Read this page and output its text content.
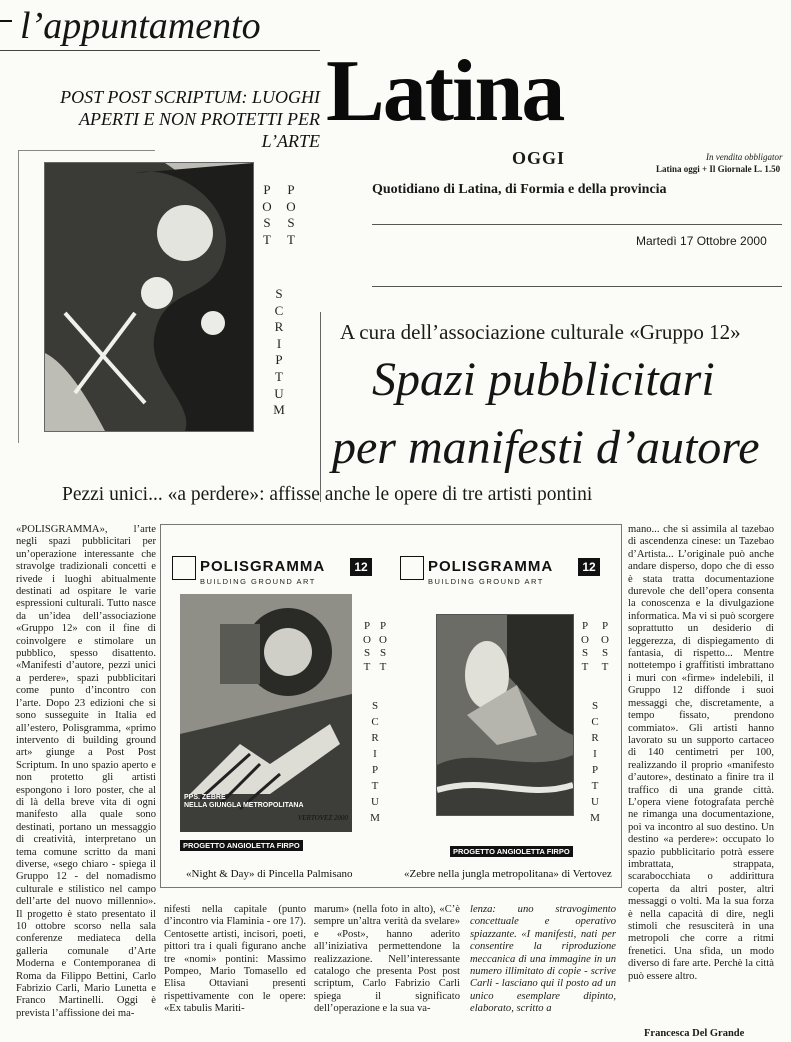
l’appuntamento
POST POST SCRIPTUM: LUOGHI
APERTI E NON PROTETTI PER L’ARTE
Latina
OGGI	In vendita obbligator
Latina oggi + Il Giornale L. 1.50
Quotidiano di Latina, di Formia e della provincia
Martedì 17 Ottobre 2000
P
O
S
T
P
O
S
T
S
C
R
I
P
T
U
M
A cura dell’associazione culturale «Gruppo 12»
Spazi pubblicitari
per manifesti d’autore
Pezzi unici... «a perdere»: affisse anche le opere di tre artisti pontini
POLISGRAMMA
BUILDING GROUND ART
12
PPS. ZEBRE
NELLA GIUNGLA METROPOLITANA
VERTOVEZ 2000
P
O
S
T
P
O
S
T
S
C
R
I
P
T
U
M
PROGETTO ANGIOLETTA FIRPO
«Night & Day» di Pincella Palmisano
POLISGRAMMA
BUILDING GROUND ART
12
P
O
S
T
P
O
S
T
S
C
R
I
P
T
U
M
PROGETTO ANGIOLETTA FIRPO
«Zebre nella jungla metropolitana» di Vertovez
«POLISGRAMMA», l’arte negli spazi pubblicitari per un’operazione interessante che stravolge tradizionali concetti e rivede i luoghi abitualmente destinati ad ospitare le varie espressioni culturali. Tutto nasce da un’idea dell’associazione «Gruppo 12» con il fine di coinvolgere e stimolare un pubblico, spesso disattento. «Manifesti d’autore, pezzi unici a perdere», spazi pubblicitari come punto d’incontro con l’arte. Dopo 23 edizioni che si sono susseguite in Italia ed all’estero, Polisgramma, «primo intervento di building ground art» giunge a Post Post Scriptum. In uno spazio aperto e non protetto gli artisti espongono i loro poster, che al di là della breve vita di ogni manifesto alla quale sono destinati, portano un messaggio di creatività, interpretano un tema comune scritto da mani diverse, «sego chiaro - spiega il Gruppo 12 - del nomadismo culturale e stilistico nel campo dell’arte del nuovo millennio». Il progetto è stato presentato il 10 ottobre scorso nella sala conferenze mediateca della galleria comunale d’Arte Moderna e Contemporanea di Roma da Filippo Bettini, Carlo Fabrizio Carli, Mario Lunetta e Franco Martinelli. Oggi è prevista l’affissione dei ma-
nifesti nella capitale (punto d’incontro via Flaminia - ore 17). Centosette artisti, incisori, poeti, pittori tra i quali figurano anche tre «nomi» pontini: Massimo Pompeo, Mario Tomasello ed Elisa Ottaviani presenti rispettivamente con le opere: «Ex tabulis Mariti-
marum» (nella foto in alto), «C’è sempre un’altra verità da svelare» e «Post», hanno aderito all’iniziativa permettendone la realizzazione. Nell’interessante catalogo che presenta Post post scriptum, Carlo Fabrizio Carli spiega il significato dell’operazione e la sua va-
lenza: uno stravogimento concettuale e operativo spiazzante. «I manifesti, nati per consentire la riproduzione meccanica di una immagine in un numero illimitato di copie - scrive Carli - lasciano qui il posto ad un unico esemplare dipinto, elaborato, scritto a
mano... che si assimila al tazebao di ascendenza cinese: un Tazebao d’Artista... L’originale può anche andare disperso, dopo che di esso è stata tratta documentazione durevole che dell’opera consenta la conoscenza e la divulgazione informatica. Ma vi si può scorgere soprattutto un desiderio di leggerezza, di dispiegamento di fantasia, di rispetto... Mentre nottetempo i graffitisti imbrattano i muri con «firme» indelebili, il Gruppo 12 diffonde i suoi messaggi che, discretamente, a tempo fissato, prendono commiato». Gli artisti hanno lavorato su un supporto cartaceo di 140 centimetri per 100, realizzando il proprio «manifesto d’autore», destinato a finire tra il traffico di una grande città. L’opera viene fotografata perchè ne rimanga una documentazione, poi va incontro al suo destino. Un destino «a perdere»: occupato lo spazio pubblicitario potrà essere imbrattata, strappata, scarabocchiata o addirittura coperta da altri poster, altri messaggi o volti. Ma la sua forza è nella capacità di dire, negli stimoli che resusciterà in una metropoli che corre a ritmi frenetici. Una sfida, un modo diverso di fare arte. Perchè la città può essere altro.
Francesca Del Grande
